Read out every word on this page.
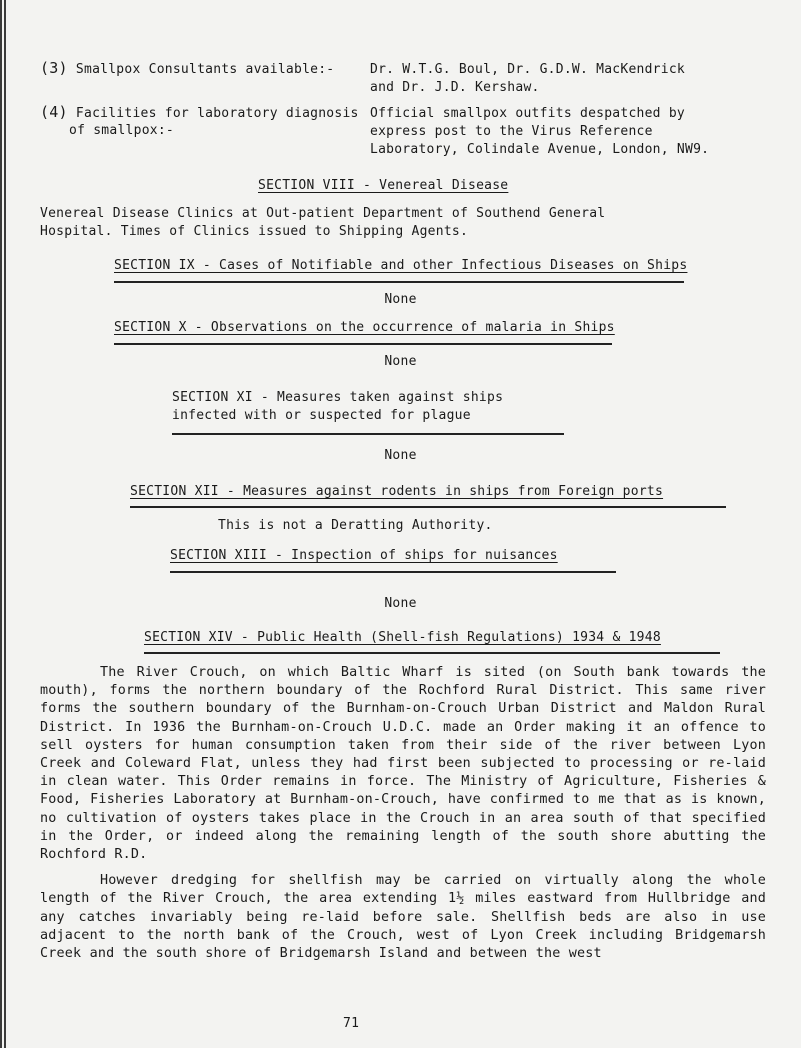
(3) Smallpox Consultants available:-	Dr. W.T.G. Boul, Dr. G.D.W. MacKendrick
and Dr. J.D. Kershaw.
(4) Facilities for laboratory diagnosis
of smallpox:-
Official smallpox outfits despatched by
express post to the Virus Reference
Laboratory, Colindale Avenue, London, NW9.
SECTION VIII - Venereal Disease
Venereal Disease Clinics at Out-patient Department of Southend General
Hospital. Times of Clinics issued to Shipping Agents.
SECTION IX - Cases of Notifiable and other Infectious Diseases on Ships
None
SECTION X - Observations on the occurrence of malaria in Ships
None
SECTION XI - Measures taken against ships
infected with or suspected for plague
None
SECTION XII - Measures against rodents in ships from Foreign ports
This is not a Deratting Authority.
SECTION XIII - Inspection of ships for nuisances
None
SECTION XIV - Public Health (Shell-fish Regulations) 1934 & 1948

The River Crouch, on which Baltic Wharf is sited (on South bank towards the mouth), forms the northern boundary of the Rochford Rural District. This same river forms the southern boundary of the Burnham-on-Crouch Urban District and Maldon Rural District. In 1936 the Burnham-on-Crouch U.D.C. made an Order making it an offence to sell oysters for human consumption taken from their side of the river between Lyon Creek and Coleward Flat, unless they had first been subjected to processing or re-laid in clean water. This Order remains in force. The Ministry of Agriculture, Fisheries & Food, Fisheries Laboratory at Burnham-on-Crouch, have confirmed to me that as is known, no cultivation of oysters takes place in the Crouch in an area south of that specified in the Order, or indeed along the remaining length of the south shore abutting the Rochford R.D.

However dredging for shellfish may be carried on virtually along the whole length of the River Crouch, the area extending 1½ miles eastward from Hullbridge and any catches invariably being re-laid before sale. Shellfish beds are also in use adjacent to the north bank of the Crouch, west of Lyon Creek including Bridgemarsh Creek and the south shore of Bridgemarsh Island and between the west

71
